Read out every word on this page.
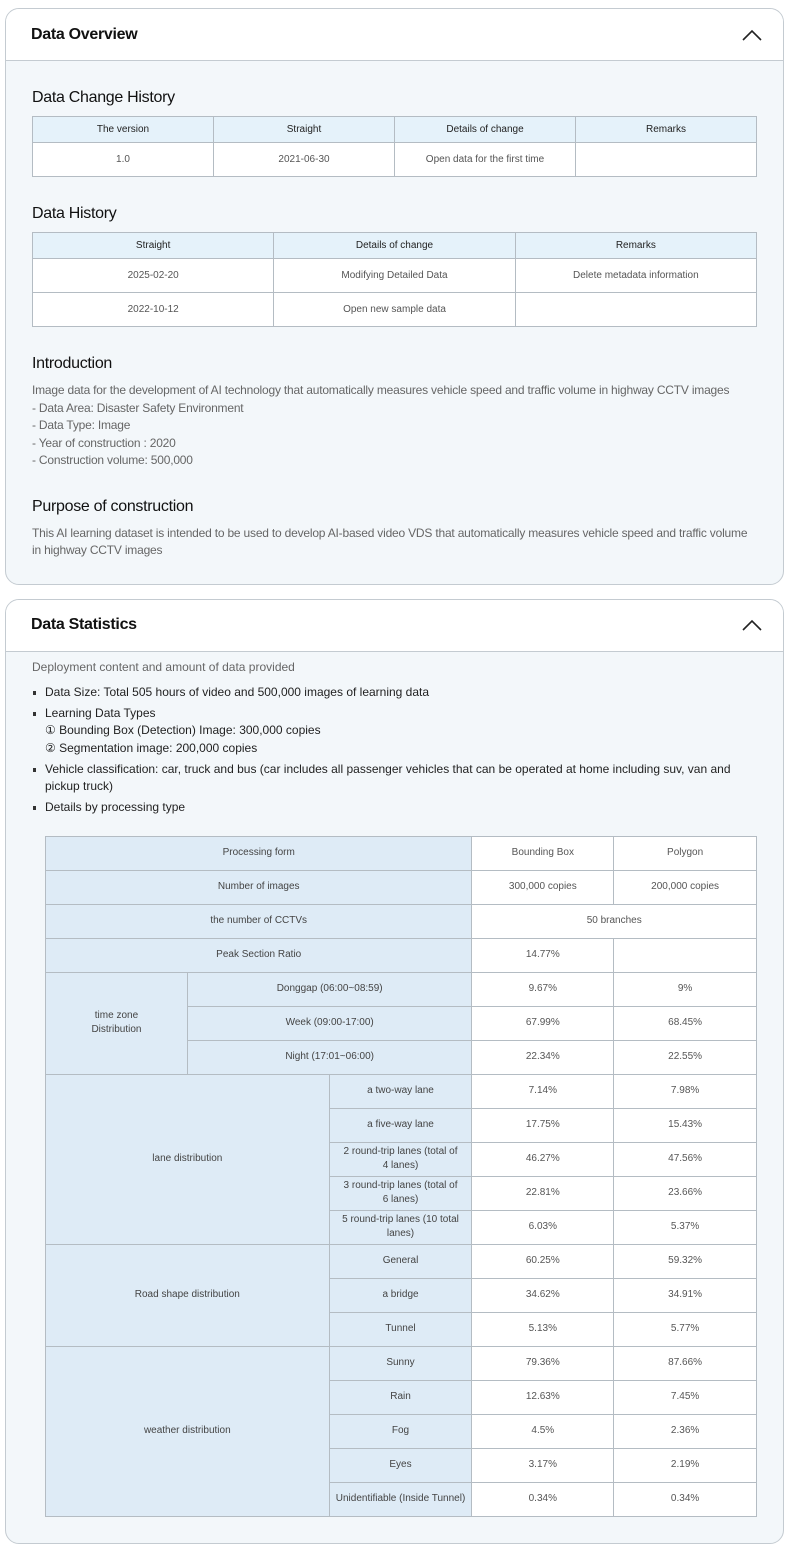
Data Overview
Data Change History
The version	Straight	Details of change	Remarks
1.0	2021-06-30	Open data for the first time	
Data History
Straight	Details of change	Remarks
2025-02-20	Modifying Detailed Data	Delete metadata information
2022-10-12	Open new sample data	
Introduction
Image data for the development of AI technology that automatically measures vehicle speed and traffic volume in highway CCTV images
- Data Area: Disaster Safety Environment
- Data Type: Image
- Year of construction : 2020
- Construction volume: 500,000
Purpose of construction

This AI learning dataset is intended to be used to develop AI-based video VDS that automatically measures vehicle speed and traffic volume in highway CCTV images

Data Statistics

Deployment content and amount of data provided

Data Size: Total 505 hours of video and 500,000 images of learning data
Learning Data Types
① Bounding Box (Detection) Image: 300,000 copies
② Segmentation image: 200,000 copies
Vehicle classification: car, truck and bus (car includes all passenger vehicles that can be operated at home including suv, van and pickup truck)
Details by processing type
Processing form			Bounding Box	Polygon
Number of images			300,000 copies	200,000 copies
the number of CCTVs			50 branches	
Peak Section Ratio			14.77%	
time zone Distribution	Donggap (06:00~08:59)		9.67%	9%
	Week (09:00-17:00)		67.99%	68.45%
	Night (17:01~06:00)		22.34%	22.55%
lane distribution		a two-way lane	7.14%	7.98%
		a five-way lane	17.75%	15.43%
		2 round-trip lanes (total of 4 lanes)	46.27%	47.56%
		3 round-trip lanes (total of 6 lanes)	22.81%	23.66%
		5 round-trip lanes (10 total lanes)	6.03%	5.37%
Road shape distribution		General	60.25%	59.32%
		a bridge	34.62%	34.91%
		Tunnel	5.13%	5.77%
weather distribution		Sunny	79.36%	87.66%
		Rain	12.63%	7.45%
		Fog	4.5%	2.36%
		Eyes	3.17%	2.19%
		Unidentifiable (Inside Tunnel)	0.34%	0.34%
